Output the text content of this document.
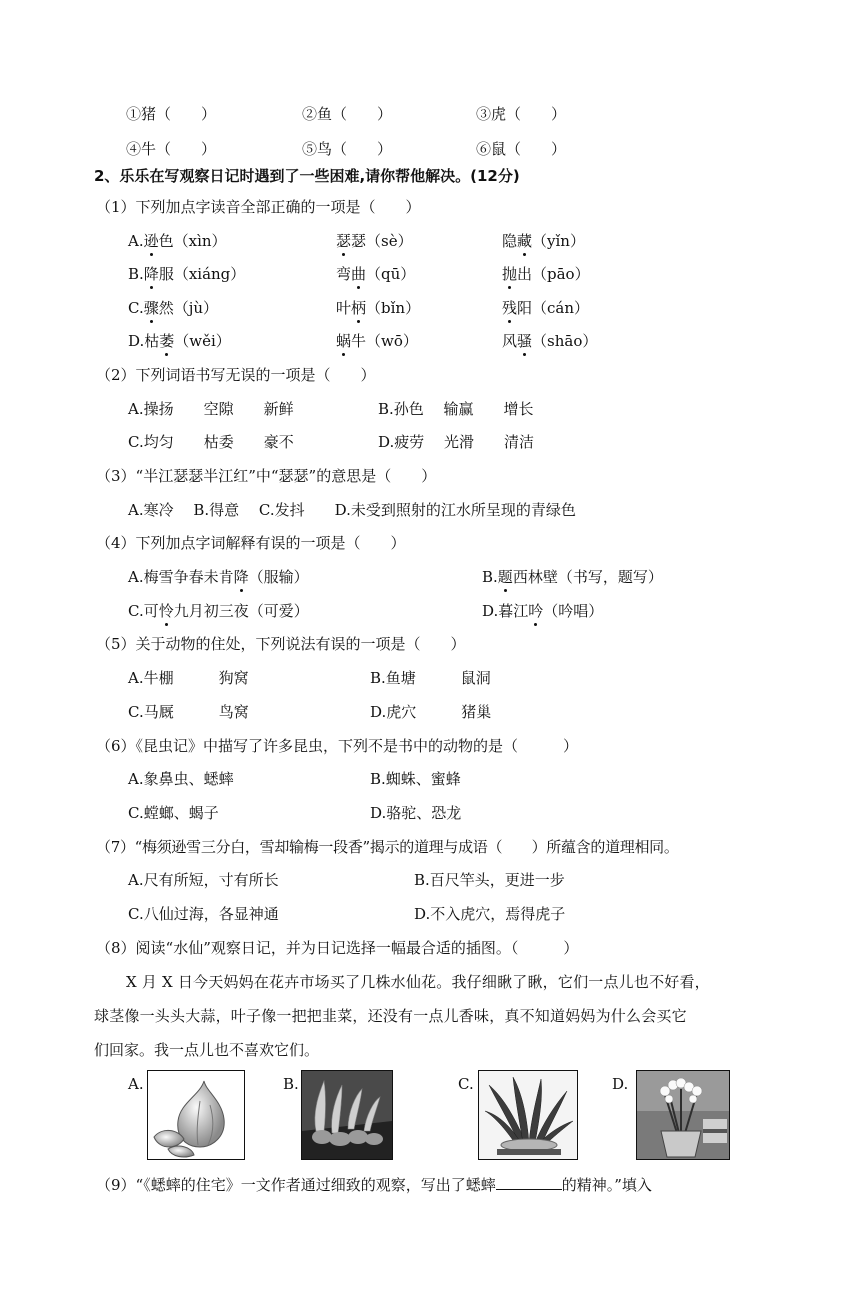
①猪（　　）	②鱼（　　）	③虎（　　）
④牛（　　）	⑤鸟（　　）	⑥鼠（　　）
2、乐乐在写观察日记时遇到了一些困难,请你帮他解决。(12分)
（1）下列加点字读音全部正确的一项是（　　）
A.逊色（xìn）	瑟瑟（sè）	隐藏（yǐn）
B.降服（xiáng）	弯曲（qū）	抛出（pāo）
C.骤然（jù）	叶柄（bǐn）	残阳（cán）
D.枯萎（wěi）	蜗牛（wō）	风骚（shāo）
（2）下列词语书写无误的一项是（　　）
A.操扬　　空隙　　新鲜	B.孙色　 输赢　　增长
C.均匀　　枯委　　豪不	D.疲劳　 光滑　　清洁
（3）“半江瑟瑟半江红”中“瑟瑟”的意思是（　　）
A.寒冷　 B.得意　 C.发抖　　D.未受到照射的江水所呈现的青绿色
（4）下列加点字词解释有误的一项是（　　）
A.梅雪争春未肯降（服输）	B.题西林壁（书写，题写）
C.可怜九月初三夜（可爱）	D.暮江吟（吟唱）
（5）关于动物的住处，下列说法有误的一项是（　　）
A.牛棚　　　狗窝	B.鱼塘　　　鼠洞
C.马厩　　　鸟窝	D.虎穴　　　猪巢
（6）《昆虫记》中描写了许多昆虫，下列不是书中的动物的是（　　　）
A.象鼻虫、蟋蟀	B.蜘蛛、蜜蜂
C.螳螂、蝎子	D.骆驼、恐龙
（7）“梅须逊雪三分白，雪却输梅一段香”揭示的道理与成语（　　）所蕴含的道理相同。
A.尺有所短，寸有所长	B.百尺竿头，更进一步
C.八仙过海，各显神通	D.不入虎穴，焉得虎子
（8）阅读“水仙”观察日记，并为日记选择一幅最合适的插图。（　　　）
X 月 X 日今天妈妈在花卉市场买了几株水仙花。我仔细瞅了瞅，它们一点儿也不好看，
球茎像一头头大蒜，叶子像一把把韭菜，还没有一点儿香味，真不知道妈妈为什么会买它
们回家。我一点儿也不喜欢它们。
A.	B.	C.	D.
（9）“《蟋蟀的住宅》一文作者通过细致的观察，写出了蟋蟀	的精神。”填入
